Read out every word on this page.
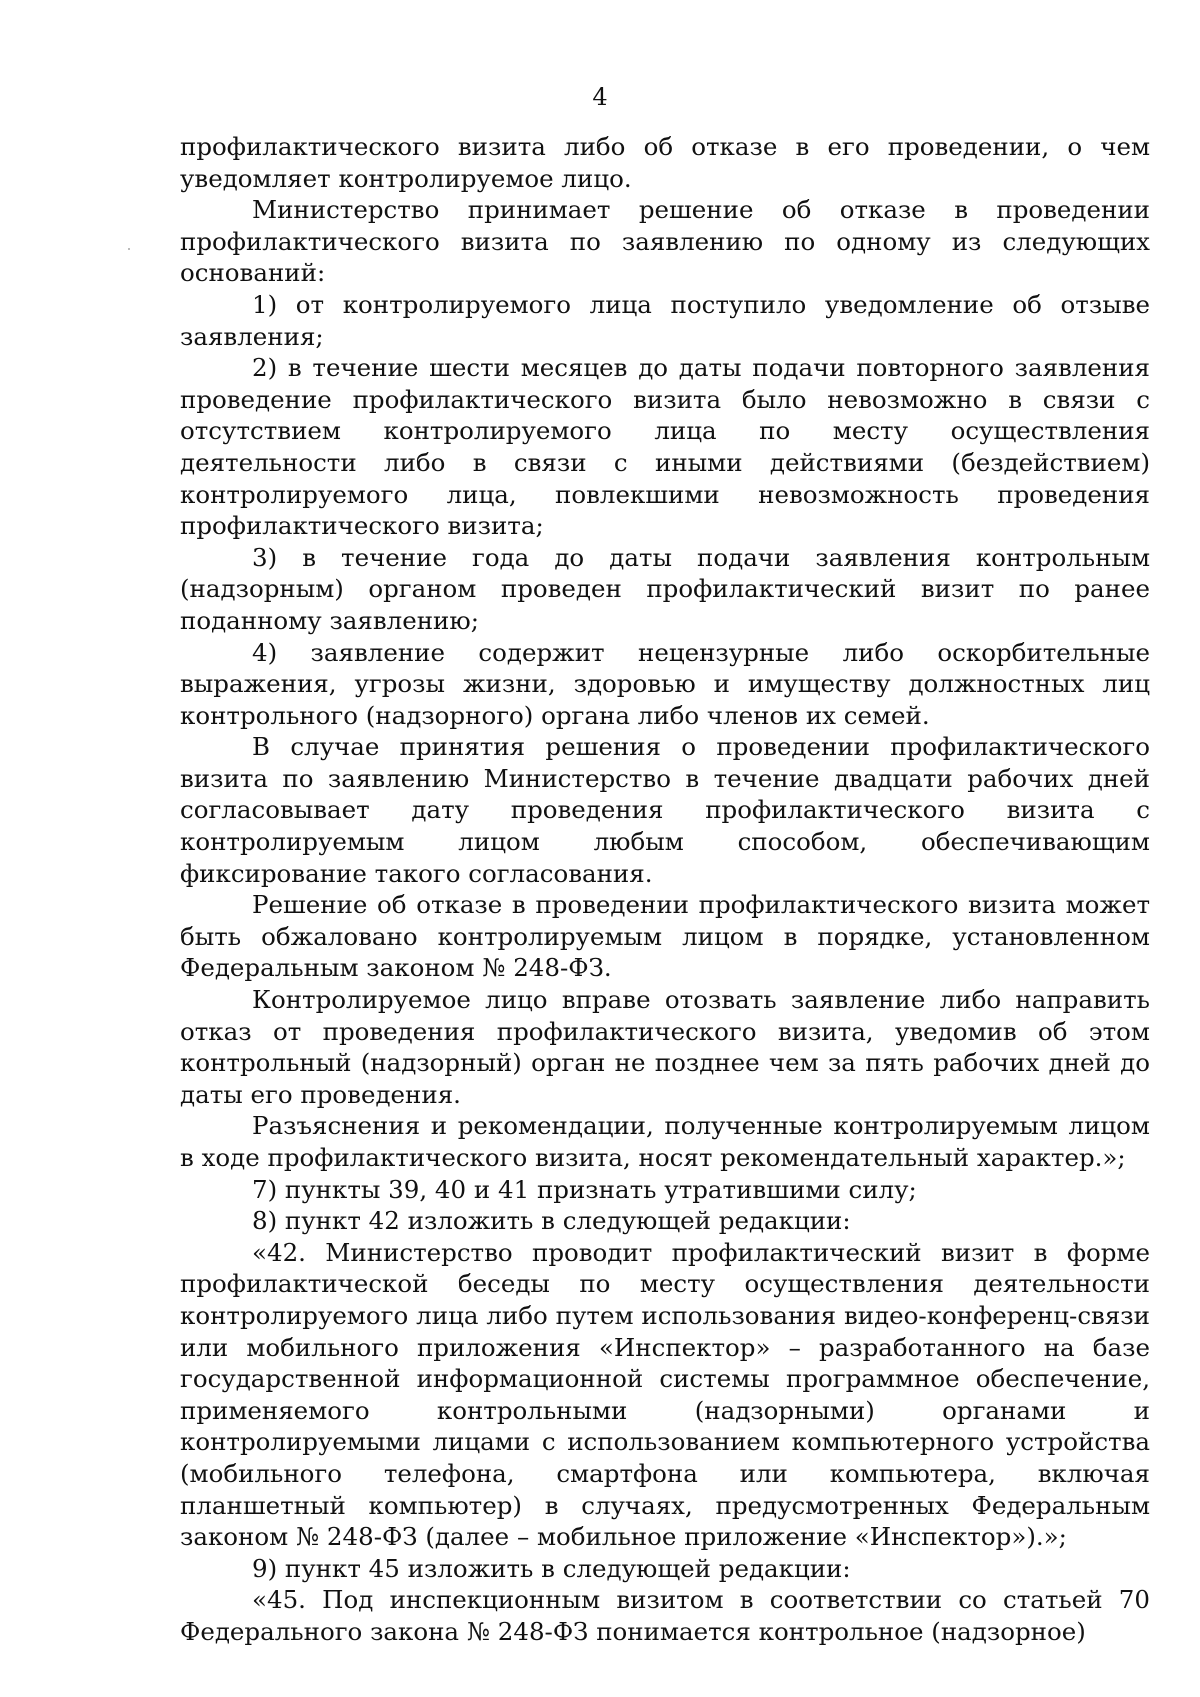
4

профилактического визита либо об отказе в его проведении, о чем уведомляет контролируемое лицо.

Министерство принимает решение об отказе в проведении профилактического визита по заявлению по одному из следующих оснований:

1) от контролируемого лица поступило уведомление об отзыве заявления;

2) в течение шести месяцев до даты подачи повторного заявления проведение профилактического визита было невозможно в связи с отсутствием контролируемого лица по месту осуществления деятельности либо в связи с иными действиями (бездействием) контролируемого лица, повлекшими невозможность проведения профилактического визита;

3) в течение года до даты подачи заявления контрольным (надзорным) органом проведен профилактический визит по ранее поданному заявлению;

4) заявление содержит нецензурные либо оскорбительные выражения, угрозы жизни, здоровью и имуществу должностных лиц контрольного (надзорного) органа либо членов их семей.

В случае принятия решения о проведении профилактического визита по заявлению Министерство в течение двадцати рабочих дней согласовывает дату проведения профилактического визита с контролируемым лицом любым способом, обеспечивающим фиксирование такого согласования.

Решение об отказе в проведении профилактического визита может быть обжаловано контролируемым лицом в порядке, установленном Федеральным законом № 248-ФЗ.

Контролируемое лицо вправе отозвать заявление либо направить отказ от проведения профилактического визита, уведомив об этом контрольный (надзорный) орган не позднее чем за пять рабочих дней до даты его проведения.

Разъяснения и рекомендации, полученные контролируемым лицом в ходе профилактического визита, носят рекомендательный характер.»;

7) пункты 39, 40 и 41 признать утратившими силу;

8) пункт 42 изложить в следующей редакции:

«42. Министерство проводит профилактический визит в форме профилактической беседы по месту осуществления деятельности контролируемого лица либо путем использования видео-конференц-связи или мобильного приложения «Инспектор» – разработанного на базе государственной информационной системы программное обеспечение, применяемого контрольными (надзорными) органами и контролируемыми лицами с использованием компьютерного устройства (мобильного телефона, смартфона или компьютера, включая планшетный компьютер) в случаях, предусмотренных Федеральным законом № 248-ФЗ (далее – мобильное приложение «Инспектор»).»;

9) пункт 45 изложить в следующей редакции:

«45. Под инспекционным визитом в соответствии со статьей 70 Федерального закона № 248-ФЗ понимается контрольное (надзорное)
